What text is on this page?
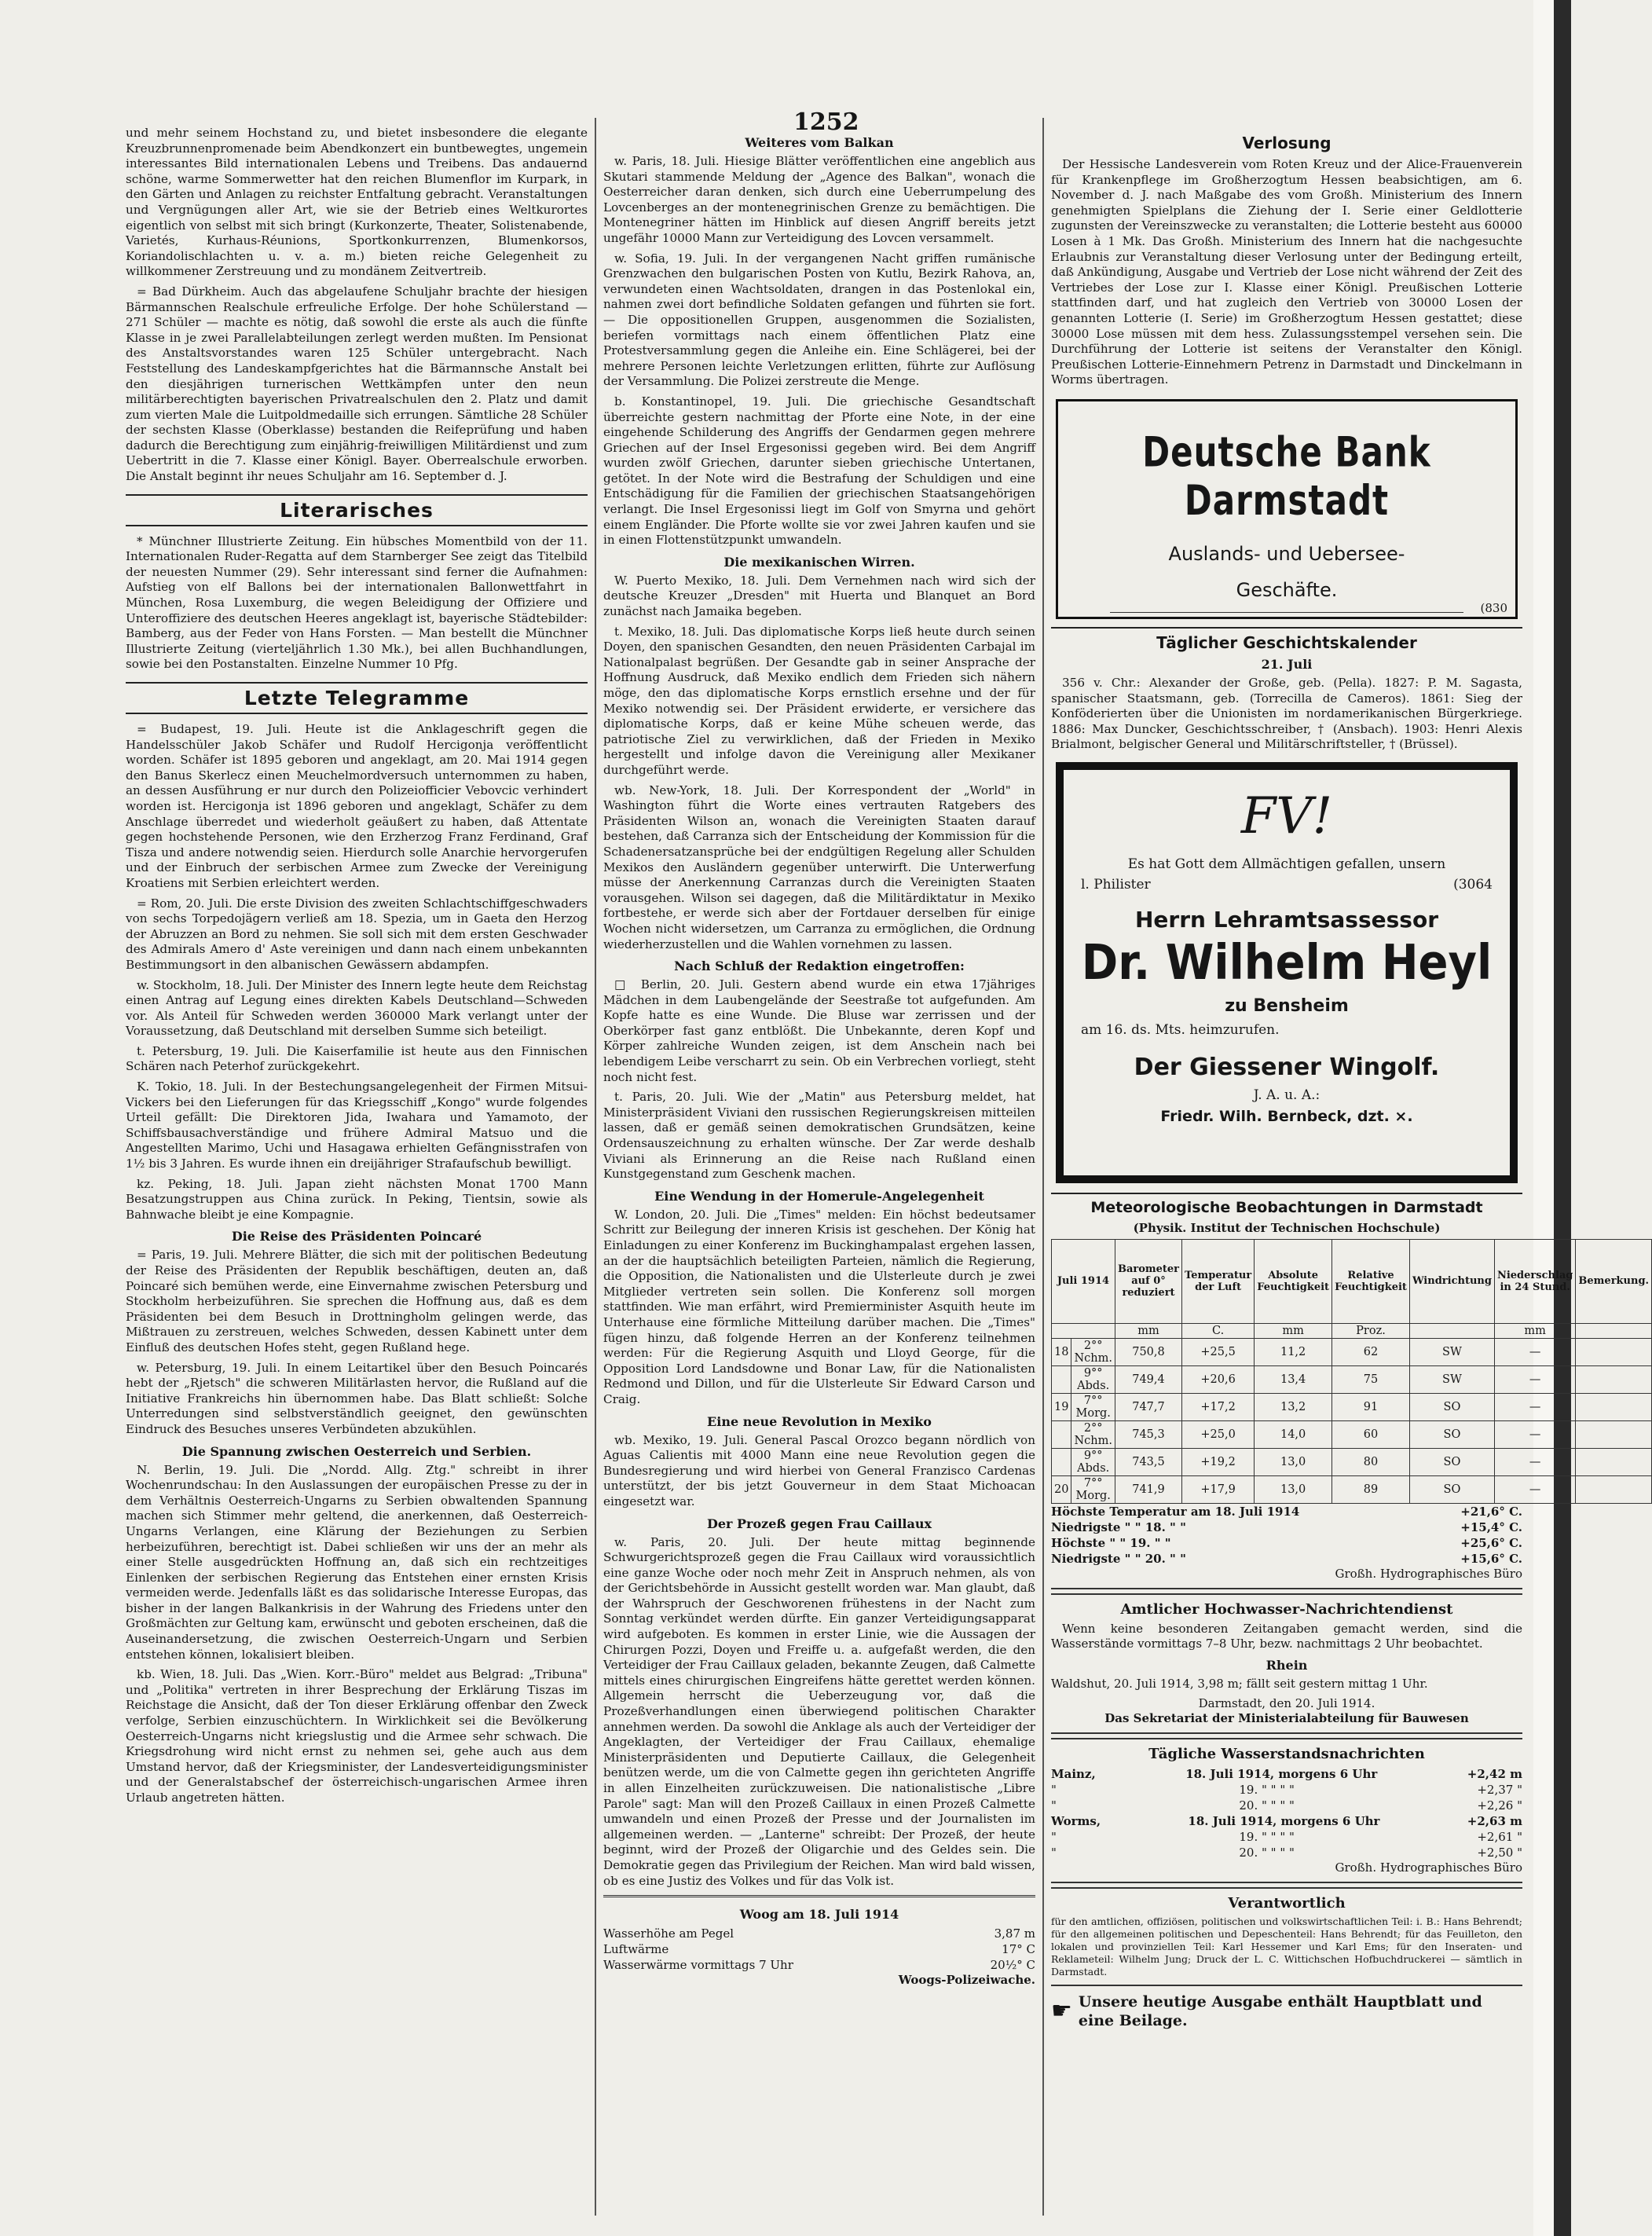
1252

und mehr seinem Hochstand zu, und bietet insbesondere die elegante Kreuzbrunnenpromenade beim Abendkonzert ein buntbewegtes, ungemein interessantes Bild internationalen Lebens und Treibens. Das andauernd schöne, warme Sommerwetter hat den reichen Blumenflor im Kurpark, in den Gärten und Anlagen zu reichster Entfaltung gebracht. Veranstaltungen und Vergnügungen aller Art, wie sie der Betrieb eines Weltkurortes eigentlich von selbst mit sich bringt (Kurkonzerte, Theater, Solistenabende, Varietés, Kurhaus-Réunions, Sportkonkurrenzen, Blumenkorsos, Koriandolischlachten u. v. a. m.) bieten reiche Gelegenheit zu willkommener Zerstreuung und zu mondänem Zeitvertreib.

= Bad Dürkheim. Auch das abgelaufene Schuljahr brachte der hiesigen Bärmannschen Realschule erfreuliche Erfolge. Der hohe Schülerstand — 271 Schüler — machte es nötig, daß sowohl die erste als auch die fünfte Klasse in je zwei Parallelabteilungen zerlegt werden mußten. Im Pensionat des Anstaltsvorstandes waren 125 Schüler untergebracht. Nach Feststellung des Landeskampfgerichtes hat die Bärmannsche Anstalt bei den diesjährigen turnerischen Wettkämpfen unter den neun militärberechtigten bayerischen Privatrealschulen den 2. Platz und damit zum vierten Male die Luitpoldmedaille sich errungen. Sämtliche 28 Schüler der sechsten Klasse (Oberklasse) bestanden die Reifeprüfung und haben dadurch die Berechtigung zum einjährig-freiwilligen Militärdienst und zum Uebertritt in die 7. Klasse einer Königl. Bayer. Oberrealschule erworben. Die Anstalt beginnt ihr neues Schuljahr am 16. September d. J.

Literarisches

* Münchner Illustrierte Zeitung. Ein hübsches Momentbild von der 11. Internationalen Ruder-Regatta auf dem Starnberger See zeigt das Titelbild der neuesten Nummer (29). Sehr interessant sind ferner die Aufnahmen: Aufstieg von elf Ballons bei der internationalen Ballonwettfahrt in München, Rosa Luxemburg, die wegen Beleidigung der Offiziere und Unteroffiziere des deutschen Heeres angeklagt ist, bayerische Städtebilder: Bamberg, aus der Feder von Hans Forsten. — Man bestellt die Münchner Illustrierte Zeitung (vierteljährlich 1.30 Mk.), bei allen Buchhandlungen, sowie bei den Postanstalten. Einzelne Nummer 10 Pfg.

Letzte Telegramme

= Budapest, 19. Juli. Heute ist die Anklageschrift gegen die Handelsschüler Jakob Schäfer und Rudolf Hercigonja veröffentlicht worden. Schäfer ist 1895 geboren und angeklagt, am 20. Mai 1914 gegen den Banus Skerlecz einen Meuchelmordversuch unternommen zu haben, an dessen Ausführung er nur durch den Polizeiofficier Vebovcic verhindert worden ist. Hercigonja ist 1896 geboren und angeklagt, Schäfer zu dem Anschlage überredet und wiederholt geäußert zu haben, daß Attentate gegen hochstehende Personen, wie den Erzherzog Franz Ferdinand, Graf Tisza und andere notwendig seien. Hierdurch solle Anarchie hervorgerufen und der Einbruch der serbischen Armee zum Zwecke der Vereinigung Kroatiens mit Serbien erleichtert werden.

= Rom, 20. Juli. Die erste Division des zweiten Schlachtschiffgeschwaders von sechs Torpedojägern verließ am 18. Spezia, um in Gaeta den Herzog der Abruzzen an Bord zu nehmen. Sie soll sich mit dem ersten Geschwader des Admirals Amero d' Aste vereinigen und dann nach einem unbekannten Bestimmungsort in den albanischen Gewässern abdampfen.

w. Stockholm, 18. Juli. Der Minister des Innern legte heute dem Reichstag einen Antrag auf Legung eines direkten Kabels Deutschland—Schweden vor. Als Anteil für Schweden werden 360000 Mark verlangt unter der Voraussetzung, daß Deutschland mit derselben Summe sich beteiligt.

t. Petersburg, 19. Juli. Die Kaiserfamilie ist heute aus den Finnischen Schären nach Peterhof zurückgekehrt.

K. Tokio, 18. Juli. In der Bestechungsangelegenheit der Firmen Mitsui-Vickers bei den Lieferungen für das Kriegsschiff „Kongo" wurde folgendes Urteil gefällt: Die Direktoren Jida, Iwahara und Yamamoto, der Schiffsbausachverständige und frühere Admiral Matsuo und die Angestellten Marimo, Uchi und Hasagawa erhielten Gefängnisstrafen von 1½ bis 3 Jahren. Es wurde ihnen ein dreijähriger Strafaufschub bewilligt.

kz. Peking, 18. Juli. Japan zieht nächsten Monat 1700 Mann Besatzungstruppen aus China zurück. In Peking, Tientsin, sowie als Bahnwache bleibt je eine Kompagnie.

Die Reise des Präsidenten Poincaré

= Paris, 19. Juli. Mehrere Blätter, die sich mit der politischen Bedeutung der Reise des Präsidenten der Republik beschäftigen, deuten an, daß Poincaré sich bemühen werde, eine Einvernahme zwischen Petersburg und Stockholm herbeizuführen. Sie sprechen die Hoffnung aus, daß es dem Präsidenten bei dem Besuch in Drottningholm gelingen werde, das Mißtrauen zu zerstreuen, welches Schweden, dessen Kabinett unter dem Einfluß des deutschen Hofes steht, gegen Rußland hege.

w. Petersburg, 19. Juli. In einem Leitartikel über den Besuch Poincarés hebt der „Rjetsch" die schweren Militärlasten hervor, die Rußland auf die Initiative Frankreichs hin übernommen habe. Das Blatt schließt: Solche Unterredungen sind selbstverständlich geeignet, den gewünschten Eindruck des Besuches unseres Verbündeten abzukühlen.

Die Spannung zwischen Oesterreich und Serbien.

N. Berlin, 19. Juli. Die „Nordd. Allg. Ztg." schreibt in ihrer Wochenrundschau: In den Auslassungen der europäischen Presse zu der in dem Verhältnis Oesterreich-Ungarns zu Serbien obwaltenden Spannung machen sich Stimmer mehr geltend, die anerkennen, daß Oesterreich-Ungarns Verlangen, eine Klärung der Beziehungen zu Serbien herbeizuführen, berechtigt ist. Dabei schließen wir uns der an mehr als einer Stelle ausgedrückten Hoffnung an, daß sich ein rechtzeitiges Einlenken der serbischen Regierung das Entstehen einer ernsten Krisis vermeiden werde. Jedenfalls läßt es das solidarische Interesse Europas, das bisher in der langen Balkankrisis in der Wahrung des Friedens unter den Großmächten zur Geltung kam, erwünscht und geboten erscheinen, daß die Auseinandersetzung, die zwischen Oesterreich-Ungarn und Serbien entstehen können, lokalisiert bleiben.

kb. Wien, 18. Juli. Das „Wien. Korr.-Büro" meldet aus Belgrad: „Tribuna" und „Politika" vertreten in ihrer Besprechung der Erklärung Tiszas im Reichstage die Ansicht, daß der Ton dieser Erklärung offenbar den Zweck verfolge, Serbien einzuschüchtern. In Wirklichkeit sei die Bevölkerung Oesterreich-Ungarns nicht kriegslustig und die Armee sehr schwach. Die Kriegsdrohung wird nicht ernst zu nehmen sei, gehe auch aus dem Umstand hervor, daß der Kriegsminister, der Landesverteidigungsminister und der Generalstabschef der österreichisch-ungarischen Armee ihren Urlaub angetreten hätten.

Weiteres vom Balkan

w. Paris, 18. Juli. Hiesige Blätter veröffentlichen eine angeblich aus Skutari stammende Meldung der „Agence des Balkan", wonach die Oesterreicher daran denken, sich durch eine Ueberrumpelung des Lovcenberges an der montenegrinischen Grenze zu bemächtigen. Die Montenegriner hätten im Hinblick auf diesen Angriff bereits jetzt ungefähr 10000 Mann zur Verteidigung des Lovcen versammelt.

w. Sofia, 19. Juli. In der vergangenen Nacht griffen rumänische Grenzwachen den bulgarischen Posten von Kutlu, Bezirk Rahova, an, verwundeten einen Wachtsoldaten, drangen in das Postenlokal ein, nahmen zwei dort befindliche Soldaten gefangen und führten sie fort. — Die oppositionellen Gruppen, ausgenommen die Sozialisten, beriefen vormittags nach einem öffentlichen Platz eine Protestversammlung gegen die Anleihe ein. Eine Schlägerei, bei der mehrere Personen leichte Verletzungen erlitten, führte zur Auflösung der Versammlung. Die Polizei zerstreute die Menge.

b. Konstantinopel, 19. Juli. Die griechische Gesandtschaft überreichte gestern nachmittag der Pforte eine Note, in der eine eingehende Schilderung des Angriffs der Gendarmen gegen mehrere Griechen auf der Insel Ergesonissi gegeben wird. Bei dem Angriff wurden zwölf Griechen, darunter sieben griechische Untertanen, getötet. In der Note wird die Bestrafung der Schuldigen und eine Entschädigung für die Familien der griechischen Staatsangehörigen verlangt. Die Insel Ergesonissi liegt im Golf von Smyrna und gehört einem Engländer. Die Pforte wollte sie vor zwei Jahren kaufen und sie in einen Flottenstützpunkt umwandeln.

Die mexikanischen Wirren.

W. Puerto Mexiko, 18. Juli. Dem Vernehmen nach wird sich der deutsche Kreuzer „Dresden" mit Huerta und Blanquet an Bord zunächst nach Jamaika begeben.

t. Mexiko, 18. Juli. Das diplomatische Korps ließ heute durch seinen Doyen, den spanischen Gesandten, den neuen Präsidenten Carbajal im Nationalpalast begrüßen. Der Gesandte gab in seiner Ansprache der Hoffnung Ausdruck, daß Mexiko endlich dem Frieden sich nähern möge, den das diplomatische Korps ernstlich ersehne und der für Mexiko notwendig sei. Der Präsident erwiderte, er versichere das diplomatische Korps, daß er keine Mühe scheuen werde, das patriotische Ziel zu verwirklichen, daß der Frieden in Mexiko hergestellt und infolge davon die Vereinigung aller Mexikaner durchgeführt werde.

wb. New-York, 18. Juli. Der Korrespondent der „World" in Washington führt die Worte eines vertrauten Ratgebers des Präsidenten Wilson an, wonach die Vereinigten Staaten darauf bestehen, daß Carranza sich der Entscheidung der Kommission für die Schadenersatzansprüche bei der endgültigen Regelung aller Schulden Mexikos den Ausländern gegenüber unterwirft. Die Unterwerfung müsse der Anerkennung Carranzas durch die Vereinigten Staaten vorausgehen. Wilson sei dagegen, daß die Militärdiktatur in Mexiko fortbestehe, er werde sich aber der Fortdauer derselben für einige Wochen nicht widersetzen, um Carranza zu ermöglichen, die Ordnung wiederherzustellen und die Wahlen vornehmen zu lassen.

Nach Schluß der Redaktion eingetroffen:

□ Berlin, 20. Juli. Gestern abend wurde ein etwa 17jähriges Mädchen in dem Laubengelände der Seestraße tot aufgefunden. Am Kopfe hatte es eine Wunde. Die Bluse war zerrissen und der Oberkörper fast ganz entblößt. Die Unbekannte, deren Kopf und Körper zahlreiche Wunden zeigen, ist dem Anschein nach bei lebendigem Leibe verscharrt zu sein. Ob ein Verbrechen vorliegt, steht noch nicht fest.

t. Paris, 20. Juli. Wie der „Matin" aus Petersburg meldet, hat Ministerpräsident Viviani den russischen Regierungskreisen mitteilen lassen, daß er gemäß seinen demokratischen Grundsätzen, keine Ordensauszeichnung zu erhalten wünsche. Der Zar werde deshalb Viviani als Erinnerung an die Reise nach Rußland einen Kunstgegenstand zum Geschenk machen.

Eine Wendung in der Homerule-Angelegenheit

W. London, 20. Juli. Die „Times" melden: Ein höchst bedeutsamer Schritt zur Beilegung der inneren Krisis ist geschehen. Der König hat Einladungen zu einer Konferenz im Buckinghampalast ergehen lassen, an der die hauptsächlich beteiligten Parteien, nämlich die Regierung, die Opposition, die Nationalisten und die Ulsterleute durch je zwei Mitglieder vertreten sein sollen. Die Konferenz soll morgen stattfinden. Wie man erfährt, wird Premierminister Asquith heute im Unterhause eine förmliche Mitteilung darüber machen. Die „Times" fügen hinzu, daß folgende Herren an der Konferenz teilnehmen werden: Für die Regierung Asquith und Lloyd George, für die Opposition Lord Landsdowne und Bonar Law, für die Nationalisten Redmond und Dillon, und für die Ulsterleute Sir Edward Carson und Craig.

Eine neue Revolution in Mexiko

wb. Mexiko, 19. Juli. General Pascal Orozco begann nördlich von Aguas Calientis mit 4000 Mann eine neue Revolution gegen die Bundesregierung und wird hierbei von General Franzisco Cardenas unterstützt, der bis jetzt Gouverneur in dem Staat Michoacan eingesetzt war.

Der Prozeß gegen Frau Caillaux

w. Paris, 20. Juli. Der heute mittag beginnende Schwurgerichtsprozeß gegen die Frau Caillaux wird voraussichtlich eine ganze Woche oder noch mehr Zeit in Anspruch nehmen, als von der Gerichtsbehörde in Aussicht gestellt worden war. Man glaubt, daß der Wahrspruch der Geschworenen frühestens in der Nacht zum Sonntag verkündet werden dürfte. Ein ganzer Verteidigungsapparat wird aufgeboten. Es kommen in erster Linie, wie die Aussagen der Chirurgen Pozzi, Doyen und Freiffe u. a. aufgefaßt werden, die den Verteidiger der Frau Caillaux geladen, bekannte Zeugen, daß Calmette mittels eines chirurgischen Eingreifens hätte gerettet werden können. Allgemein herrscht die Ueberzeugung vor, daß die Prozeßverhandlungen einen überwiegend politischen Charakter annehmen werden. Da sowohl die Anklage als auch der Verteidiger der Angeklagten, der Verteidiger der Frau Caillaux, ehemalige Ministerpräsidenten und Deputierte Caillaux, die Gelegenheit benützen werde, um die von Calmette gegen ihn gerichteten Angriffe in allen Einzelheiten zurückzuweisen. Die nationalistische „Libre Parole" sagt: Man will den Prozeß Caillaux in einen Prozeß Calmette umwandeln und einen Prozeß der Presse und der Journalisten im allgemeinen werden. — „Lanterne" schreibt: Der Prozeß, der heute beginnt, wird der Prozeß der Oligarchie und des Geldes sein. Die Demokratie gegen das Privilegium der Reichen. Man wird bald wissen, ob es eine Justiz des Volkes und für das Volk ist.

Woog am 18. Juli 1914
Wasserhöhe am Pegel	3,87 m
Luftwärme	17° C
Wasserwärme vormittags 7 Uhr	20½° C
Woogs-Polizeiwache.
Verlosung

Der Hessische Landesverein vom Roten Kreuz und der Alice-Frauenverein für Krankenpflege im Großherzogtum Hessen beabsichtigen, am 6. November d. J. nach Maßgabe des vom Großh. Ministerium des Innern genehmigten Spielplans die Ziehung der I. Serie einer Geldlotterie zugunsten der Vereinszwecke zu veranstalten; die Lotterie besteht aus 60000 Losen à 1 Mk. Das Großh. Ministerium des Innern hat die nachgesuchte Erlaubnis zur Veranstaltung dieser Verlosung unter der Bedingung erteilt, daß Ankündigung, Ausgabe und Vertrieb der Lose nicht während der Zeit des Vertriebes der Lose zur I. Klasse einer Königl. Preußischen Lotterie stattfinden darf, und hat zugleich den Vertrieb von 30000 Losen der genannten Lotterie (I. Serie) im Großherzogtum Hessen gestattet; diese 30000 Lose müssen mit dem hess. Zulassungsstempel versehen sein. Die Durchführung der Lotterie ist seitens der Veranstalter den Königl. Preußischen Lotterie-Einnehmern Petrenz in Darmstadt und Dinckelmann in Worms übertragen.

Deutsche Bank Darmstadt
Auslands- und Uebersee-
Geschäfte.
(830
Täglicher Geschichtskalender
21. Juli

356 v. Chr.: Alexander der Große, geb. (Pella). 1827: P. M. Sagasta, spanischer Staatsmann, geb. (Torrecilla de Cameros). 1861: Sieg der Konföderierten über die Unionisten im nordamerikanischen Bürgerkriege. 1886: Max Duncker, Geschichtsschreiber, † (Ansbach). 1903: Henri Alexis Brialmont, belgischer General und Militärschriftsteller, † (Brüssel).

FV!
Es hat Gott dem Allmächtigen gefallen, unsern
l. Philister	(3064
Herrn Lehramtsassessor
Dr. Wilhelm Heyl
zu Bensheim
am 16. ds. Mts. heimzurufen.
Der Giessener Wingolf.
J. A. u. A.:
Friedr. Wilh. Bernbeck, dzt. ×.
Meteorologische Beobachtungen in Darmstadt
(Physik. Institut der Technischen Hochschule)
Juli 1914		Barometer auf 0° reduziert	Temperatur der Luft	Absolute Feuchtigkeit	Relative Feuchtigkeit	Windrichtung	Niederschlag in 24 Stund.	Bemerkung.
		mm	C.	mm	Proz.		mm	
18	2°° Nchm.	750,8	+25,5	11,2	62	SW	—	
	9°° Abds.	749,4	+20,6	13,4	75	SW	—	
19	7°° Morg.	747,7	+17,2	13,2	91	SO	—	
	2°° Nchm.	745,3	+25,0	14,0	60	SO	—	
	9°° Abds.	743,5	+19,2	13,0	80	SO	—	
20	7°° Morg.	741,9	+17,9	13,0	89	SO	—	
Höchste Temperatur am 18. Juli 1914	+21,6° C.
Niedrigste " " 18. " "	+15,4° C.
Höchste " " 19. " "	+25,6° C.
Niedrigste " " 20. " "	+15,6° C.
Großh. Hydrographisches Büro
Amtlicher Hochwasser-Nachrichtendienst

Wenn keine besonderen Zeitangaben gemacht werden, sind die Wasserstände vormittags 7–8 Uhr, bezw. nachmittags 2 Uhr beobachtet.

Rhein

Waldshut, 20. Juli 1914, 3,98 m; fällt seit gestern mittag 1 Uhr.

Darmstadt, den 20. Juli 1914.
Das Sekretariat der Ministerialabteilung für Bauwesen
Tägliche Wasserstandsnachrichten
Mainz,	18. Juli 1914, morgens 6 Uhr	+2,42 m
"	19. " " " "	+2,37 "
"	20. " " " "	+2,26 "
Worms,	18. Juli 1914, morgens 6 Uhr	+2,63 m
"	19. " " " "	+2,61 "
"	20. " " " "	+2,50 "
Großh. Hydrographisches Büro
Verantwortlich

für den amtlichen, offiziösen, politischen und volkswirtschaftlichen Teil: i. B.: Hans Behrendt; für den allgemeinen politischen und Depeschenteil: Hans Behrendt; für das Feuilleton, den lokalen und provinziellen Teil: Karl Hessemer und Karl Ems; für den Inseraten- und Reklameteil: Wilhelm Jung; Druck der L. C. Wittichschen Hofbuchdruckerei — sämtlich in Darmstadt.

☛ Unsere heutige Ausgabe enthält Hauptblatt und eine Beilage.
